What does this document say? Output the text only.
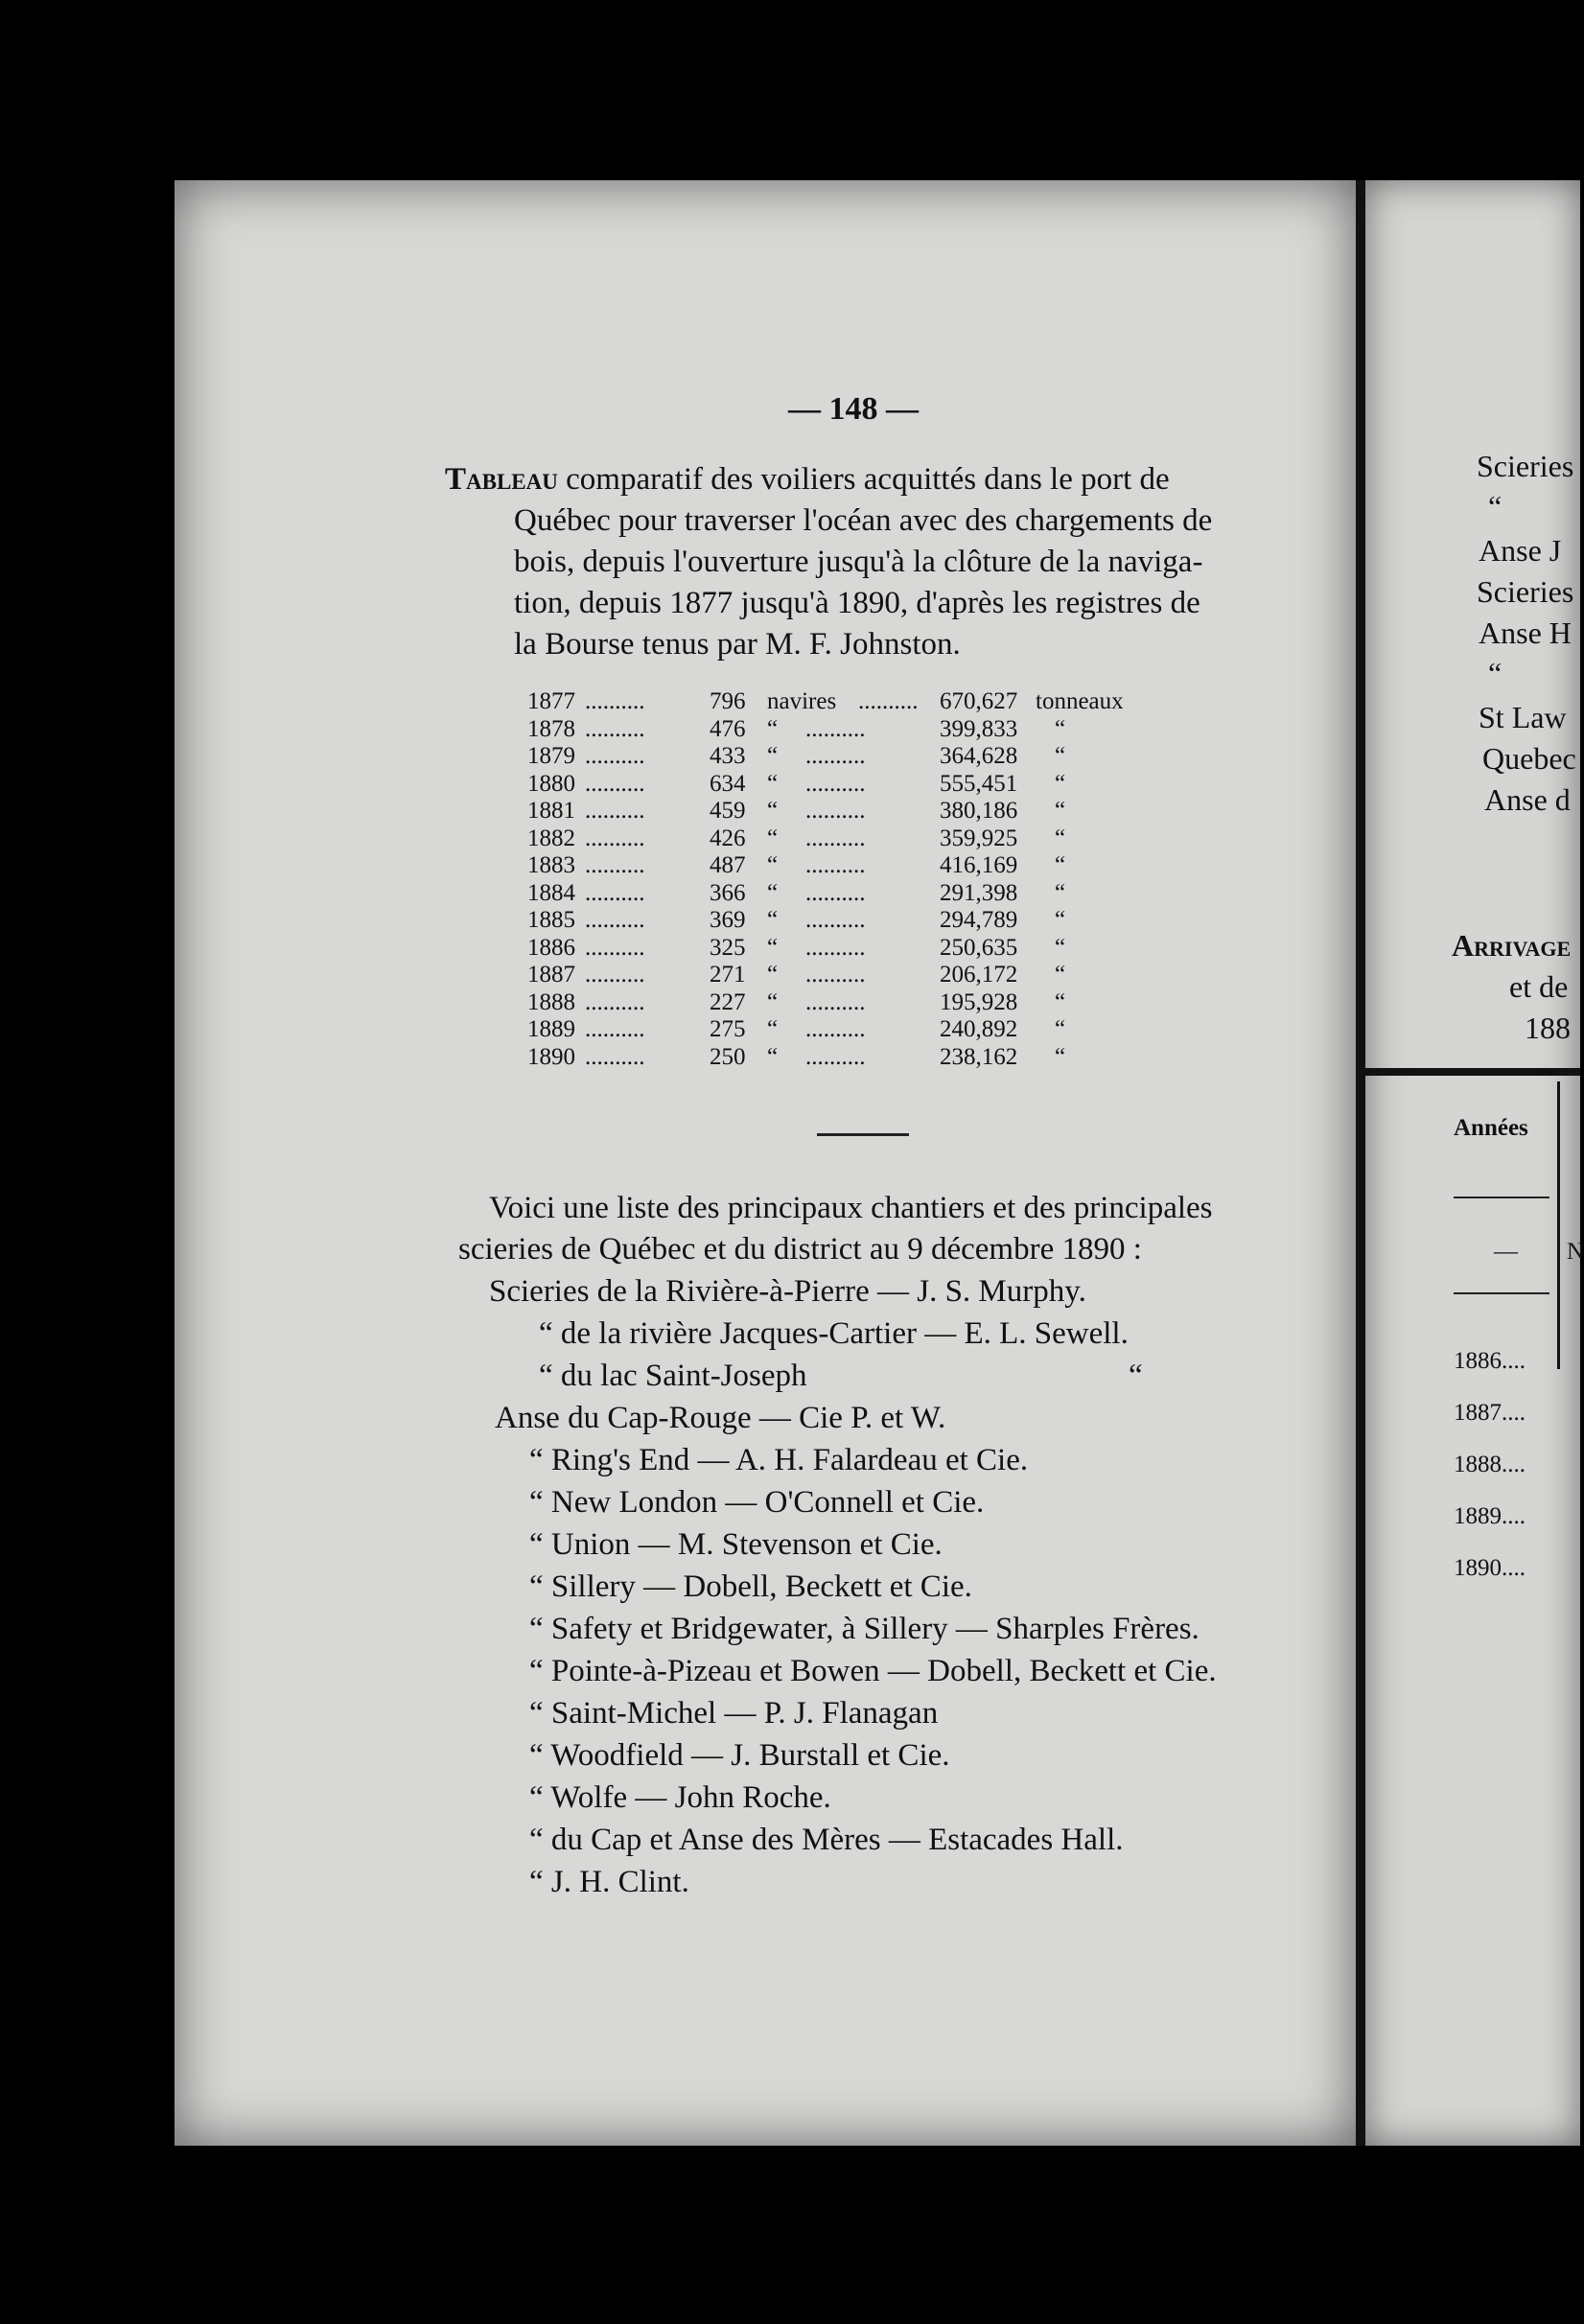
— 148 —
Tableau comparatif des voiliers acquittés dans le port de
Québec pour traverser l'océan avec des chargements de
bois, depuis l'ouverture jusqu'à la clôture de la naviga-
tion, depuis 1877 jusqu'à 1890, d'après les registres de
la Bourse tenus par M. F. Johnston.
1877 ..........	796 navires .......... 670,627 tonneaux
1878 ..........	476 “ ..........	399,833 “
1879 ..........	433 “ ..........	364,628 “
1880 ..........	634 “ ..........	555,451 “
1881 ..........	459 “ ..........	380,186 “
1882 ..........	426 “ ..........	359,925 “
1883 ..........	487 “ ..........	416,169 “
1884 ..........	366 “ ..........	291,398 “
1885 ..........	369 “ ..........	294,789 “
1886 ..........	325 “ ..........	250,635 “
1887 ..........	271 “ ..........	206,172 “
1888 ..........	227 “ ..........	195,928 “
1889 ..........	275 “ ..........	240,892 “
1890 ..........	250 “ ..........	238,162 “
Voici une liste des principaux chantiers et des principales
scieries de Québec et du district au 9 décembre 1890 :
Scieries de la Rivière-à-Pierre — J. S. Murphy.
“ de la rivière Jacques-Cartier — E. L. Sewell.
“ du lac Saint-Joseph	“
Anse du Cap-Rouge — Cie P. et W.
“ Ring's End — A. H. Falardeau et Cie.
“ New London — O'Connell et Cie.
“ Union — M. Stevenson et Cie.
“ Sillery — Dobell, Beckett et Cie.
“ Safety et Bridgewater, à Sillery — Sharples Frères.
“ Pointe-à-Pizeau et Bowen — Dobell, Beckett et Cie.
“ Saint-Michel — P. J. Flanagan
“ Woodfield — J. Burstall et Cie.
“ Wolfe — John Roche.
“ du Cap et Anse des Mères — Estacades Hall.
“ J. H. Clint.
Scieries
“
Anse J
Scieries
Anse H
“
St Law
Quebec
Anse d
Arrivage
et de
188
Années
— N
1886....
1887....
1888....
1889....
1890....
